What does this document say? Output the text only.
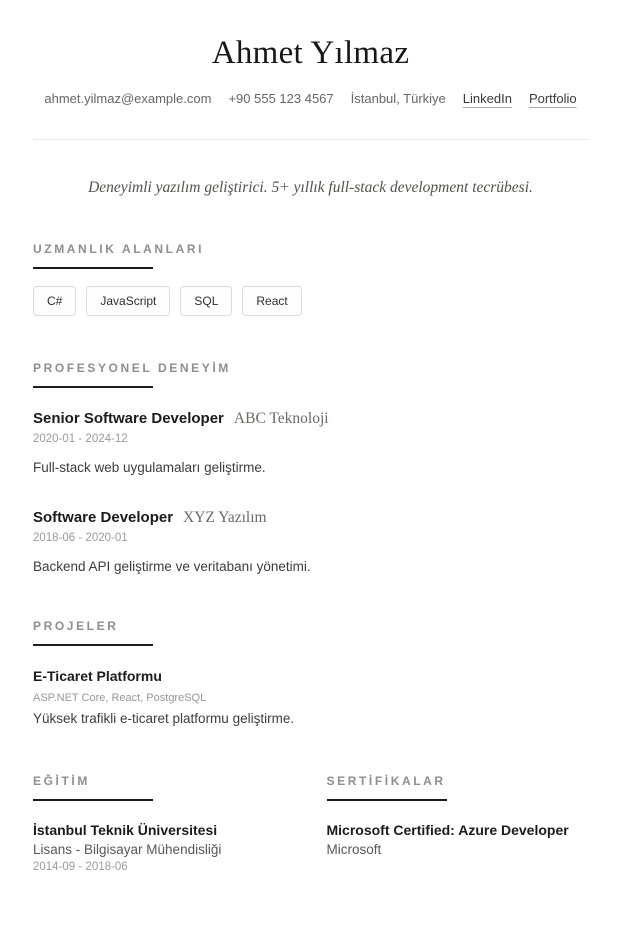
Ahmet Yılmaz
ahmet.yilmaz@example.com +90 555 123 4567 İstanbul, Türkiye LinkedIn Portfolio

Deneyimli yazılım geliştirici. 5+ yıllık full-stack development tecrübesi.

UZMANLIK ALANLARI
C#	JavaScript	SQL	React
PROFESYONEL DENEYİM
Senior Software Developer ABC Teknoloji
2020-01 - 2024-12

Full-stack web uygulamaları geliştirme.

Software Developer XYZ Yazılım
2018-06 - 2020-01

Backend API geliştirme ve veritabanı yönetimi.

PROJELER
E-Ticaret Platformu
ASP.NET Core, React, PostgreSQL

Yüksek trafikli e-ticaret platformu geliştirme.

EĞİTİM
İstanbul Teknik Üniversitesi
Lisans - Bilgisayar Mühendisliği
2014-09 - 2018-06
SERTİFİKALAR
Microsoft Certified: Azure Developer
Microsoft
